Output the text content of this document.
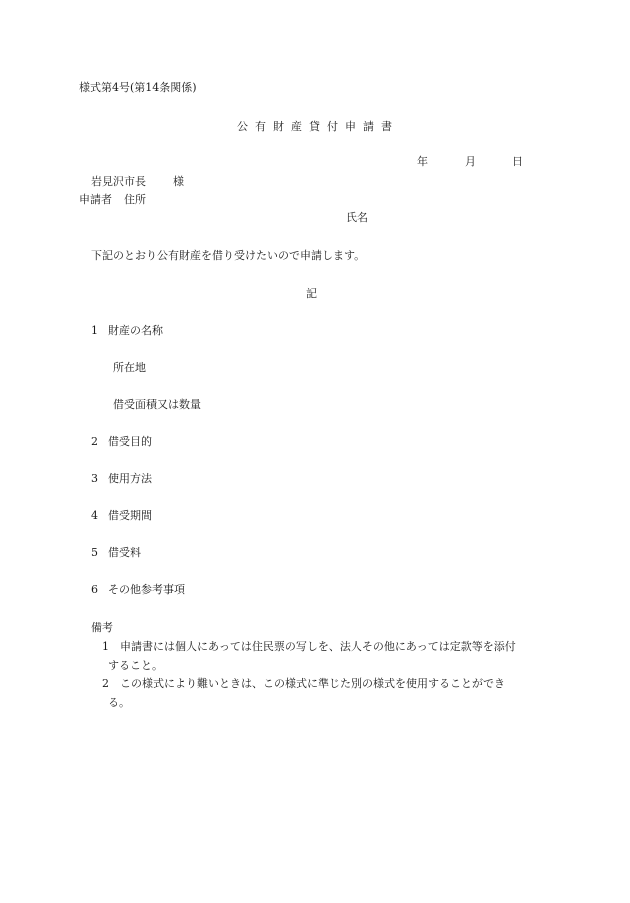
様式第4号(第14条関係)
公有財産貸付申請書
年	月	日
岩見沢市長 様
申請者 住所
氏名
下記のとおり公有財産を借り受けたいので申請します。
記
1 財産の名称
所在地
借受面積又は数量
2 借受目的
3 使用方法
4 借受期間
5 借受料
6 その他参考事項
備考
1 申請書には個人にあっては住民票の写しを、法人その他にあっては定款等を添付
すること。
2 この様式により難いときは、この様式に準じた別の様式を使用することができ
る。
